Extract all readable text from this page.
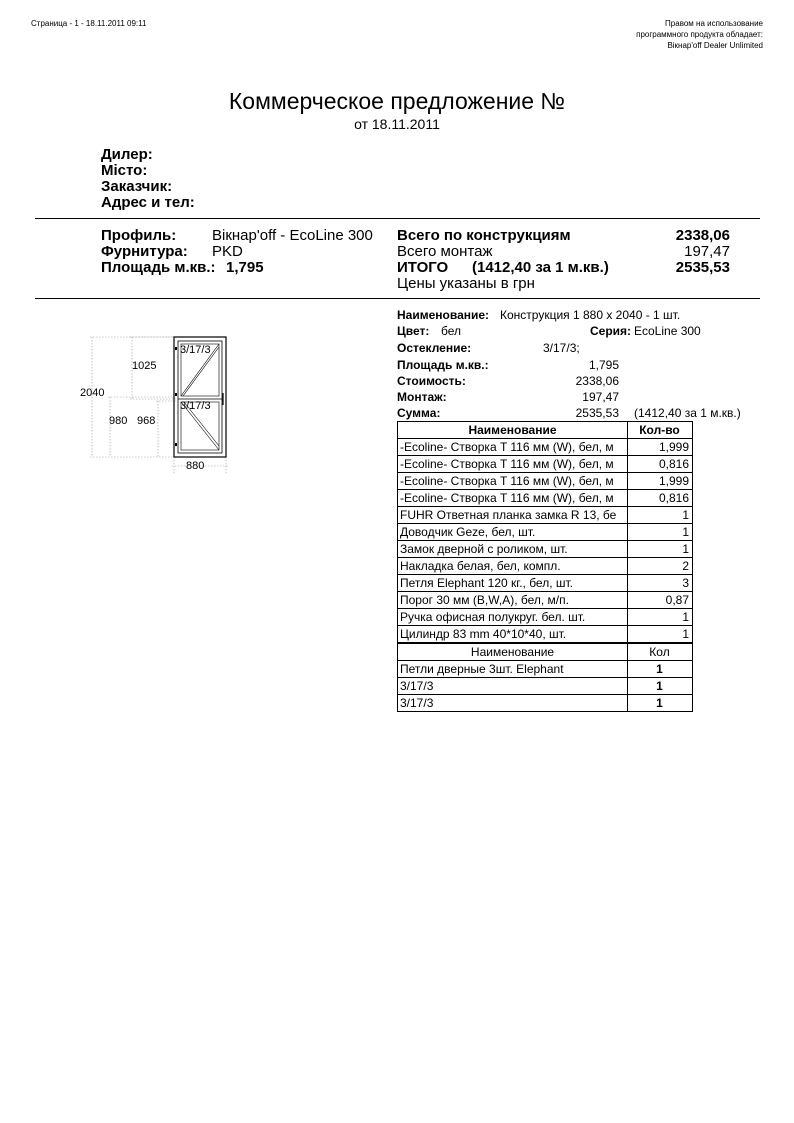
Страница - 1 - 18.11.2011 09:11	Правом на использование
программного продукта обладает:
Вікнар'off Dealer Unlimited
Коммерческое предложение №
от 18.11.2011
Дилер:
Місто:
Заказчик:
Адрес и тел:
Профиль: Вікнар'off - EcoLine 300
Фурнитура: PKD
Площадь м.кв.: 1,795
Всего по конструкциям	2338,06
Всего монтаж	197,47
ИТОГО (1412,40 за 1 м.кв.)	2535,53
Цены указаны в грн
2040
1025
980 968
880
3/17/3
3/17/3
Наименование: Конструкция 1 880 x 2040 - 1 шт.
Цвет: бел	Серия: EcoLine 300
Остекление:	3/17/3;
Площадь м.кв.:	1,795
Стоимость:	2338,06
Монтаж:	197,47
Сумма:	2535,53 (1412,40 за 1 м.кв.)
Наименование	Кол-во
-Ecoline- Створка T 116 мм (W), бел, м	1,999
-Ecoline- Створка T 116 мм (W), бел, м	0,816
-Ecoline- Створка T 116 мм (W), бел, м	1,999
-Ecoline- Створка T 116 мм (W), бел, м	0,816
FUHR Ответная планка замка R 13, бе	1
Доводчик Geze, бел, шт.	1
Замок дверной с роликом, шт.	1
Накладка белая, бел, компл.	2
Петля Elephant 120 кг., бел, шт.	3
Порог 30 мм (B,W,A), бел, м/п.	0,87
Ручка офисная полукруг. бел. шт.	1
Цилиндр 83 mm 40*10*40, шт.	1
Наименование	Кол
Петли дверные 3шт. Elephant	1
3/17/3	1
3/17/3	1
